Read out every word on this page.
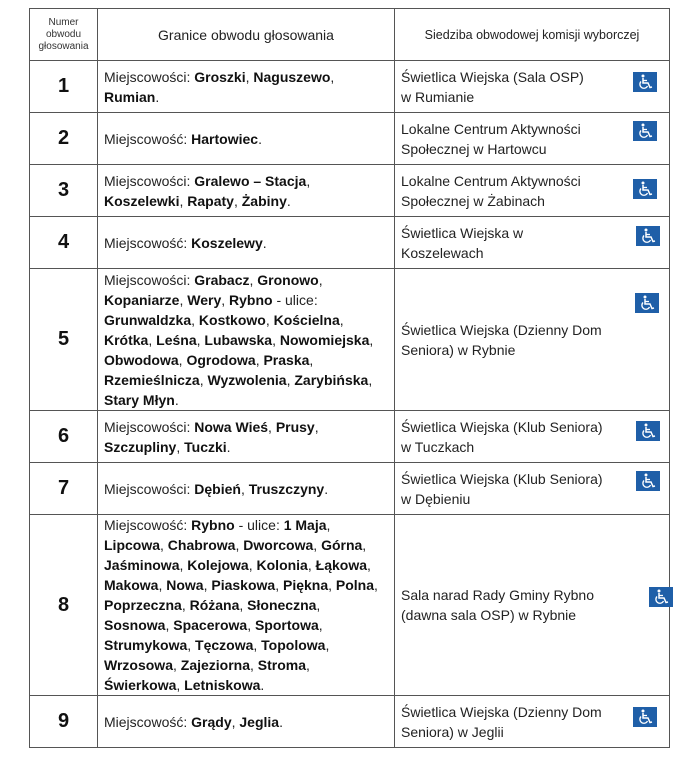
Numer
obwodu
głosowania	Granice obwodu głosowania	Siedziba obwodowej komisji wyborczej
1	Miejscowości: Groszki, Naguszewo, Rumian.	Świetlica Wiejska (Sala OSP)
w Rumianie

2	Miejscowość: Hartowiec.	Lokalne Centrum Aktywności
Społecznej w Hartowcu

3	Miejscowości: Gralewo – Stacja, Koszelewki, Rapaty, Żabiny.	Lokalne Centrum Aktywności
Społecznej w Żabinach

4	Miejscowość: Koszelewy.	Świetlica Wiejska w Koszelewach

5	Miejscowości: Grabacz, Gronowo, Kopaniarze, Wery, Rybno - ulice: Grunwaldzka, Kostkowo, Kościelna, Krótka, Leśna, Lubawska, Nowomiejska, Obwodowa, Ogrodowa, Praska, Rzemieślnicza, Wyzwolenia, Zarybińska, Stary Młyn.	Świetlica Wiejska (Dzienny Dom
Seniora) w Rybnie

6	Miejscowości: Nowa Wieś, Prusy, Szczupliny, Tuczki.	Świetlica Wiejska (Klub Seniora)
w Tuczkach

7	Miejscowości: Dębień, Truszczyny.	Świetlica Wiejska (Klub Seniora)
w Dębieniu

8	Miejscowość: Rybno - ulice: 1 Maja, Lipcowa, Chabrowa, Dworcowa, Górna, Jaśminowa, Kolejowa, Kolonia, Łąkowa, Makowa, Nowa, Piaskowa, Piękna, Polna, Poprzeczna, Różana, Słoneczna, Sosnowa, Spacerowa, Sportowa, Strumykowa, Tęczowa, Topolowa, Wrzosowa, Zajeziorna, Stroma, Świerkowa, Letniskowa.	Sala narad Rady Gminy Rybno
(dawna sala OSP) w Rybnie

9	Miejscowość: Grądy, Jeglia.	Świetlica Wiejska (Dzienny Dom
Seniora) w Jeglii
